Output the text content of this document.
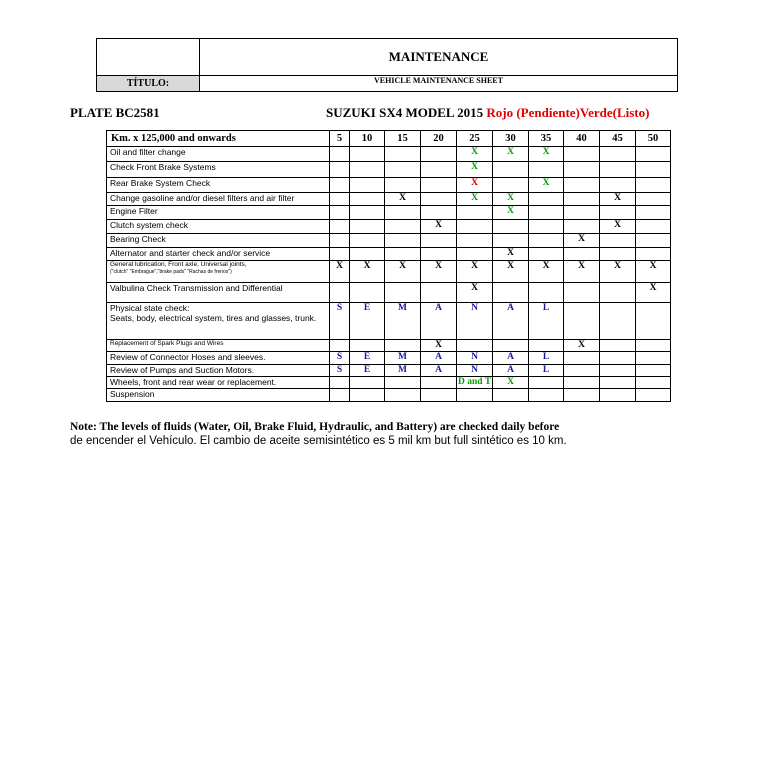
	MAINTENANCE
TÍTULO:	VEHICLE MAINTENANCE SHEET
PLATE BC2581	SUZUKI SX4 MODEL 2015 Rojo (Pendiente)Verde(Listo)
Km. x 125,000 and onwards	5	10	15	20	25	30	35	40	45	50
Oil and filter change					X	X	X			
Check Front Brake Systems					X					
Rear Brake System Check					X		X			
Change gasoline and/or diesel filters and air filter			X		X	X			X	
Engine Filter						X				
Clutch system check				X					X	
Bearing Check								X		
Alternator and starter check and/or service						X				
General lubrication, Front axle, Universal joints,
("clutch" "Embrague","brake pads" "Rachas de frenos")	X	X	X	X	X	X	X	X	X	X
Valbulina Check Transmission and Differential					X					X
Physical state check:
Seats, body, electrical system, tires and glasses, trunk.	S	E	M	A	N	A	L			
Replacement of Spark Plugs and Wires				X				X		
Review of Connector Hoses and sleeves.	S	E	M	A	N	A	L			
Review of Pumps and Suction Motors.	S	E	M	A	N	A	L			
Wheels, front and rear wear or replacement.					D and T	X				
Suspension										
Note: The levels of fluids (Water, Oil, Brake Fluid, Hydraulic, and Battery) are checked daily before
de encender el Vehículo. El cambio de aceite semisintético es 5 mil km but full sintético es 10 km.
